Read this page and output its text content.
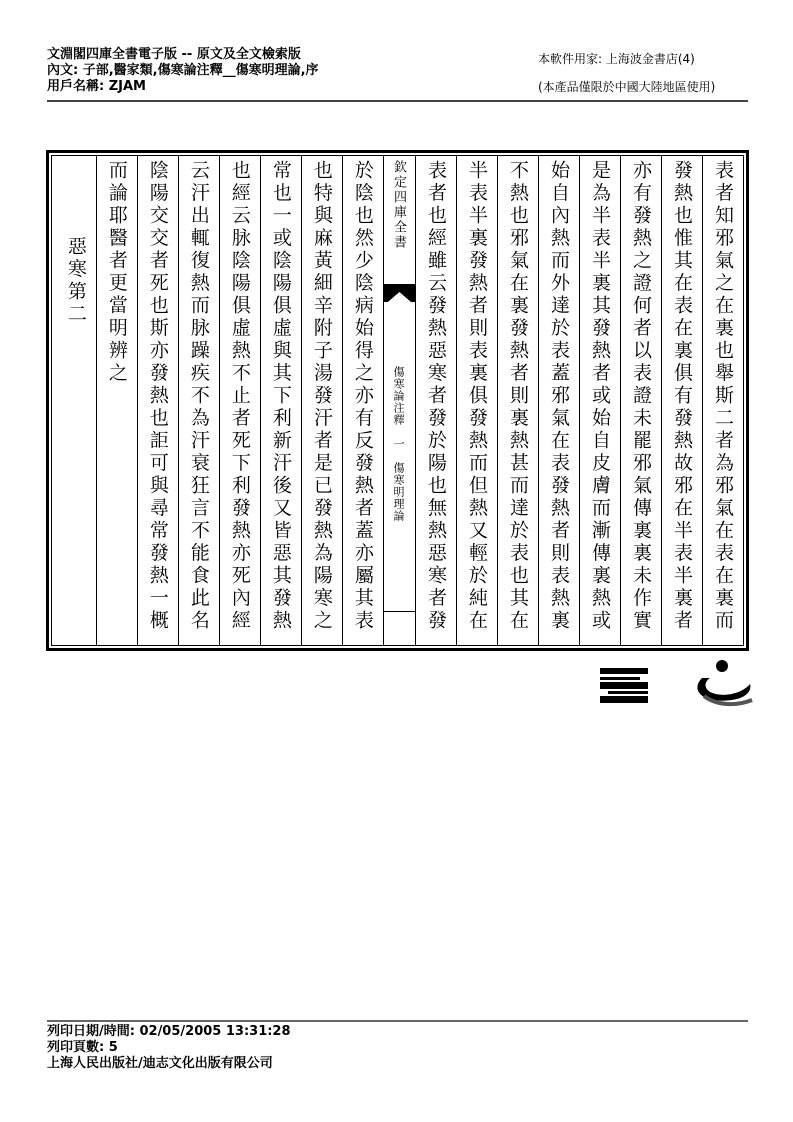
文淵閣四庫全書電子版 -- 原文及全文檢索版
內文: 子部,醫家類,傷寒論注釋__傷寒明理論,序
用戶名稱: ZJAM
本軟件用家: 上海波金書店(4)
(本產品僅限於中國大陸地區使用)
表者知邪氣之在裏也舉斯二者為邪氣在表在裏而
發熱也惟其在表在裏俱有發熱故邪在半表半裏者
亦有發熱之證何者以表證未罷邪氣傳裏裏未作實
是為半表半裏其發熱者或始自皮膚而漸傳裏熱或
始自內熱而外達於表蓋邪氣在表發熱者則表熱裏
不熱也邪氣在裏發熱者則裏熱甚而達於表也其在
半表半裏發熱者則表裏俱發熱而但熱又輕於純在
表者也經雖云發熱惡寒者發於陽也無熱惡寒者發
欽定四庫全書
傷寒論注釋　一　傷寒明理論
於陰也然少陰病始得之亦有反發熱者蓋亦屬其表
也特與麻黃細辛附子湯發汗者是已發熱為陽寒之
常也一或陰陽俱虛與其下利新汗後又皆惡其發熱
也經云脉陰陽俱虛熱不止者死下利發熱亦死內經
云汗出輒復熱而脉躁疾不為汗衰狂言不能食此名
陰陽交交者死也斯亦發熱也詎可與尋常發熱一概
而論耶醫者更當明辨之
惡寒第二
列印日期/時間: 02/05/2005 13:31:28
列印頁數: 5
上海人民出版社/迪志文化出版有限公司
